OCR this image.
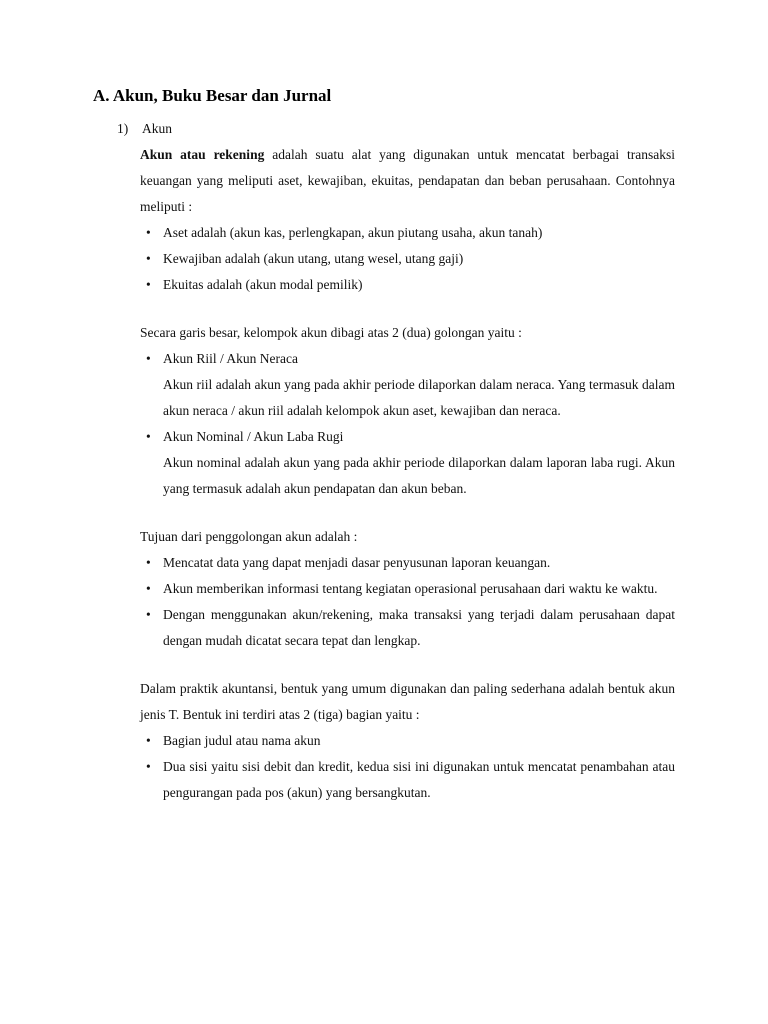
A. Akun, Buku Besar dan Jurnal
1) Akun

Akun atau rekening adalah suatu alat yang digunakan untuk mencatat berbagai transaksi keuangan yang meliputi aset, kewajiban, ekuitas, pendapatan dan beban perusahaan. Contohnya meliputi :

• Aset adalah (akun kas, perlengkapan, akun piutang usaha, akun tanah)
• Kewajiban adalah (akun utang, utang wesel, utang gaji)
• Ekuitas adalah (akun modal pemilik)

Secara garis besar, kelompok akun dibagi atas 2 (dua) golongan yaitu :

• Akun Riil / Akun Neraca
Akun riil adalah akun yang pada akhir periode dilaporkan dalam neraca. Yang termasuk dalam akun neraca / akun riil adalah kelompok akun aset, kewajiban dan neraca.
• Akun Nominal / Akun Laba Rugi
Akun nominal adalah akun yang pada akhir periode dilaporkan dalam laporan laba rugi. Akun yang termasuk adalah akun pendapatan dan akun beban.

Tujuan dari penggolongan akun adalah :

• Mencatat data yang dapat menjadi dasar penyusunan laporan keuangan.
• Akun memberikan informasi tentang kegiatan operasional perusahaan dari waktu ke waktu.
• Dengan menggunakan akun/rekening, maka transaksi yang terjadi dalam perusahaan dapat dengan mudah dicatat secara tepat dan lengkap.

Dalam praktik akuntansi, bentuk yang umum digunakan dan paling sederhana adalah bentuk akun jenis T. Bentuk ini terdiri atas 2 (tiga) bagian yaitu :

• Bagian judul atau nama akun
• Dua sisi yaitu sisi debit dan kredit, kedua sisi ini digunakan untuk mencatat penambahan atau pengurangan pada pos (akun) yang bersangkutan.
